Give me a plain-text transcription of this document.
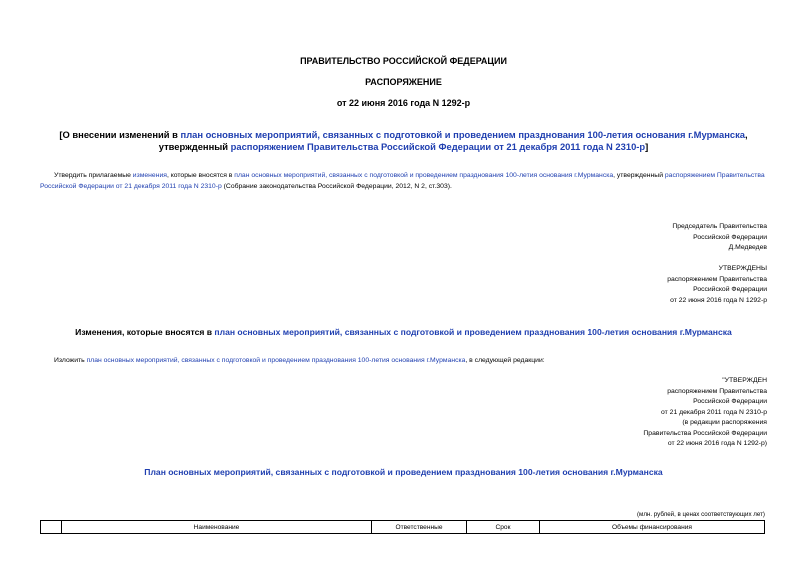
ПРАВИТЕЛЬСТВО РОССИЙСКОЙ ФЕДЕРАЦИИ
РАСПОРЯЖЕНИЕ
от 22 июня 2016 года N 1292-р
[О внесении изменений в план основных мероприятий, связанных с подготовкой и проведением празднования 100-летия основания г.Мурманска, утвержденный распоряжением Правительства Российской Федерации от 21 декабря 2011 года N 2310-р]
Утвердить прилагаемые изменения, которые вносятся в план основных мероприятий, связанных с подготовкой и проведением празднования 100-летия основания г.Мурманска, утвержденный распоряжением Правительства Российской Федерации от 21 декабря 2011 года N 2310-р (Собрание законодательства Российской Федерации, 2012, N 2, ст.303).
Председатель Правительства
Российской Федерации
Д.Медведев
УТВЕРЖДЕНЫ
распоряжением Правительства
Российской Федерации
от 22 июня 2016 года N 1292-р
Изменения, которые вносятся в план основных мероприятий, связанных с подготовкой и проведением празднования 100-летия основания г.Мурманска
Изложить план основных мероприятий, связанных с подготовкой и проведением празднования 100-летия основания г.Мурманска, в следующей редакции:
"УТВЕРЖДЕН
распоряжением Правительства
Российской Федерации
от 21 декабря 2011 года N 2310-р
(в редакции распоряжения
Правительства Российской Федерации
от 22 июня 2016 года N 1292-р)
План основных мероприятий, связанных с подготовкой и проведением празднования 100-летия основания г.Мурманска
(млн. рублей, в ценах соответствующих лет)
	Наименование	Ответственные	Срок	Объемы финансирования
